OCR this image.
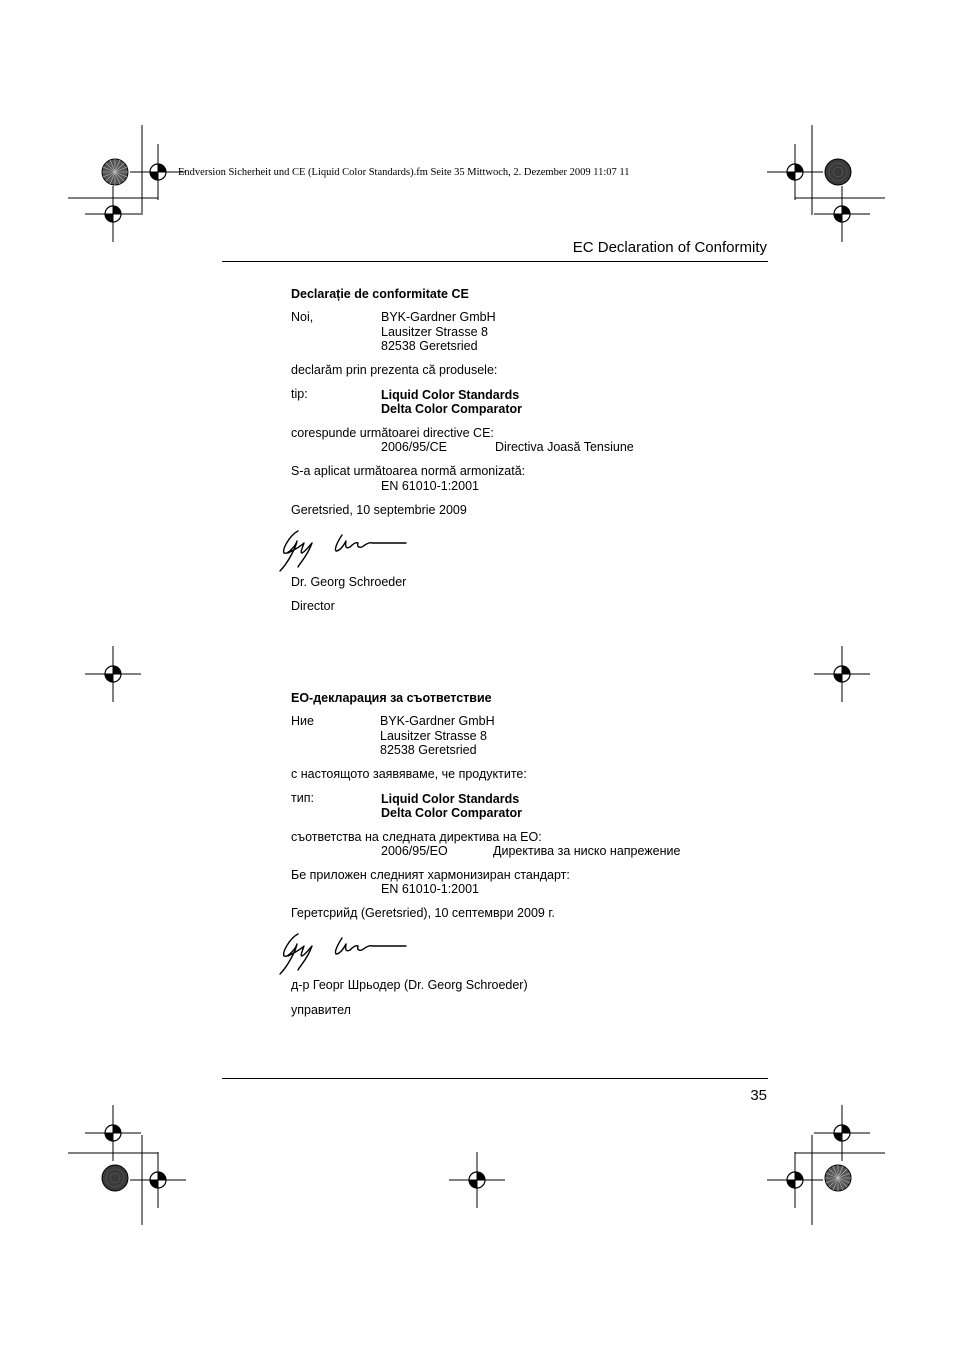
Endversion Sicherheit und CE (Liquid Color Standards).fm Seite 35 Mittwoch, 2. Dezember 2009 11:07 11
EC Declaration of Conformity
Declarație de conformitate CE
Noi,	BYK-Gardner GmbH
Lausitzer Strasse 8
82538 Geretsried
declarăm prin prezenta că produsele:
tip:	Liquid Color Standards
Delta Color Comparator
corespunde următoarei directive CE:
2006/95/CE	Directiva Joasă Tensiune
S-a aplicat următoarea normă armonizată:
EN 61010-1:2001
Geretsried, 10 septembrie 2009
Dr. Georg Schroeder
Director
ЕО-декларация за съответствие
Ние	BYK-Gardner GmbH
Lausitzer Strasse 8
82538 Geretsried
с настоящото заявяваме, че продуктите:
тип:	Liquid Color Standards
Delta Color Comparator
съответства на следната директива на ЕО:
2006/95/EO	Директива за ниско напрежение
Бе приложен следният хармонизиран стандарт:
EN 61010-1:2001
Геретсрийд (Geretsried), 10 септември 2009 г.
д-р Георг Шрьодер (Dr. Georg Schroeder)
управител
35
